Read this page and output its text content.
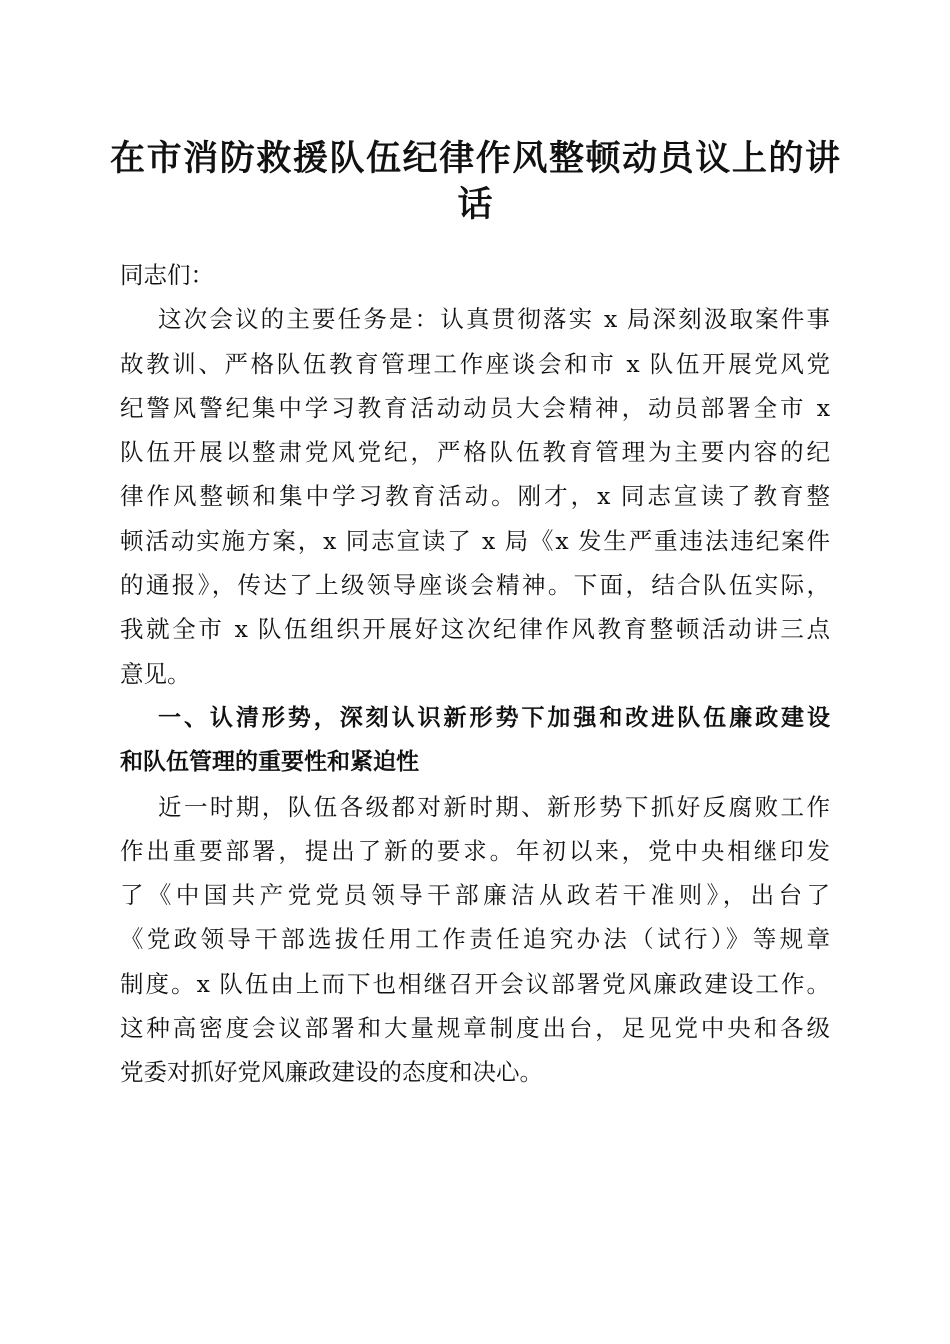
在市消防救援队伍纪律作风整顿动员议上的讲
话
同志们：
这次会议的主要任务是：认真贯彻落实 x 局深刻汲取案件事
故教训、严格队伍教育管理工作座谈会和市 x 队伍开展党风党
纪警风警纪集中学习教育活动动员大会精神，动员部署全市 x
队伍开展以整肃党风党纪，严格队伍教育管理为主要内容的纪
律作风整顿和集中学习教育活动。刚才，x 同志宣读了教育整
顿活动实施方案，x 同志宣读了 x 局《x 发生严重违法违纪案件
的通报》，传达了上级领导座谈会精神。下面，结合队伍实际，
我就全市 x 队伍组织开展好这次纪律作风教育整顿活动讲三点
意见。
一、认清形势，深刻认识新形势下加强和改进队伍廉政建设
和队伍管理的重要性和紧迫性
近一时期，队伍各级都对新时期、新形势下抓好反腐败工作
作出重要部署，提出了新的要求。年初以来，党中央相继印发
了《中国共产党党员领导干部廉洁从政若干准则》，出台了
《党政领导干部选拔任用工作责任追究办法（试行）》等规章
制度。x 队伍由上而下也相继召开会议部署党风廉政建设工作。
这种高密度会议部署和大量规章制度出台，足见党中央和各级
党委对抓好党风廉政建设的态度和决心。
